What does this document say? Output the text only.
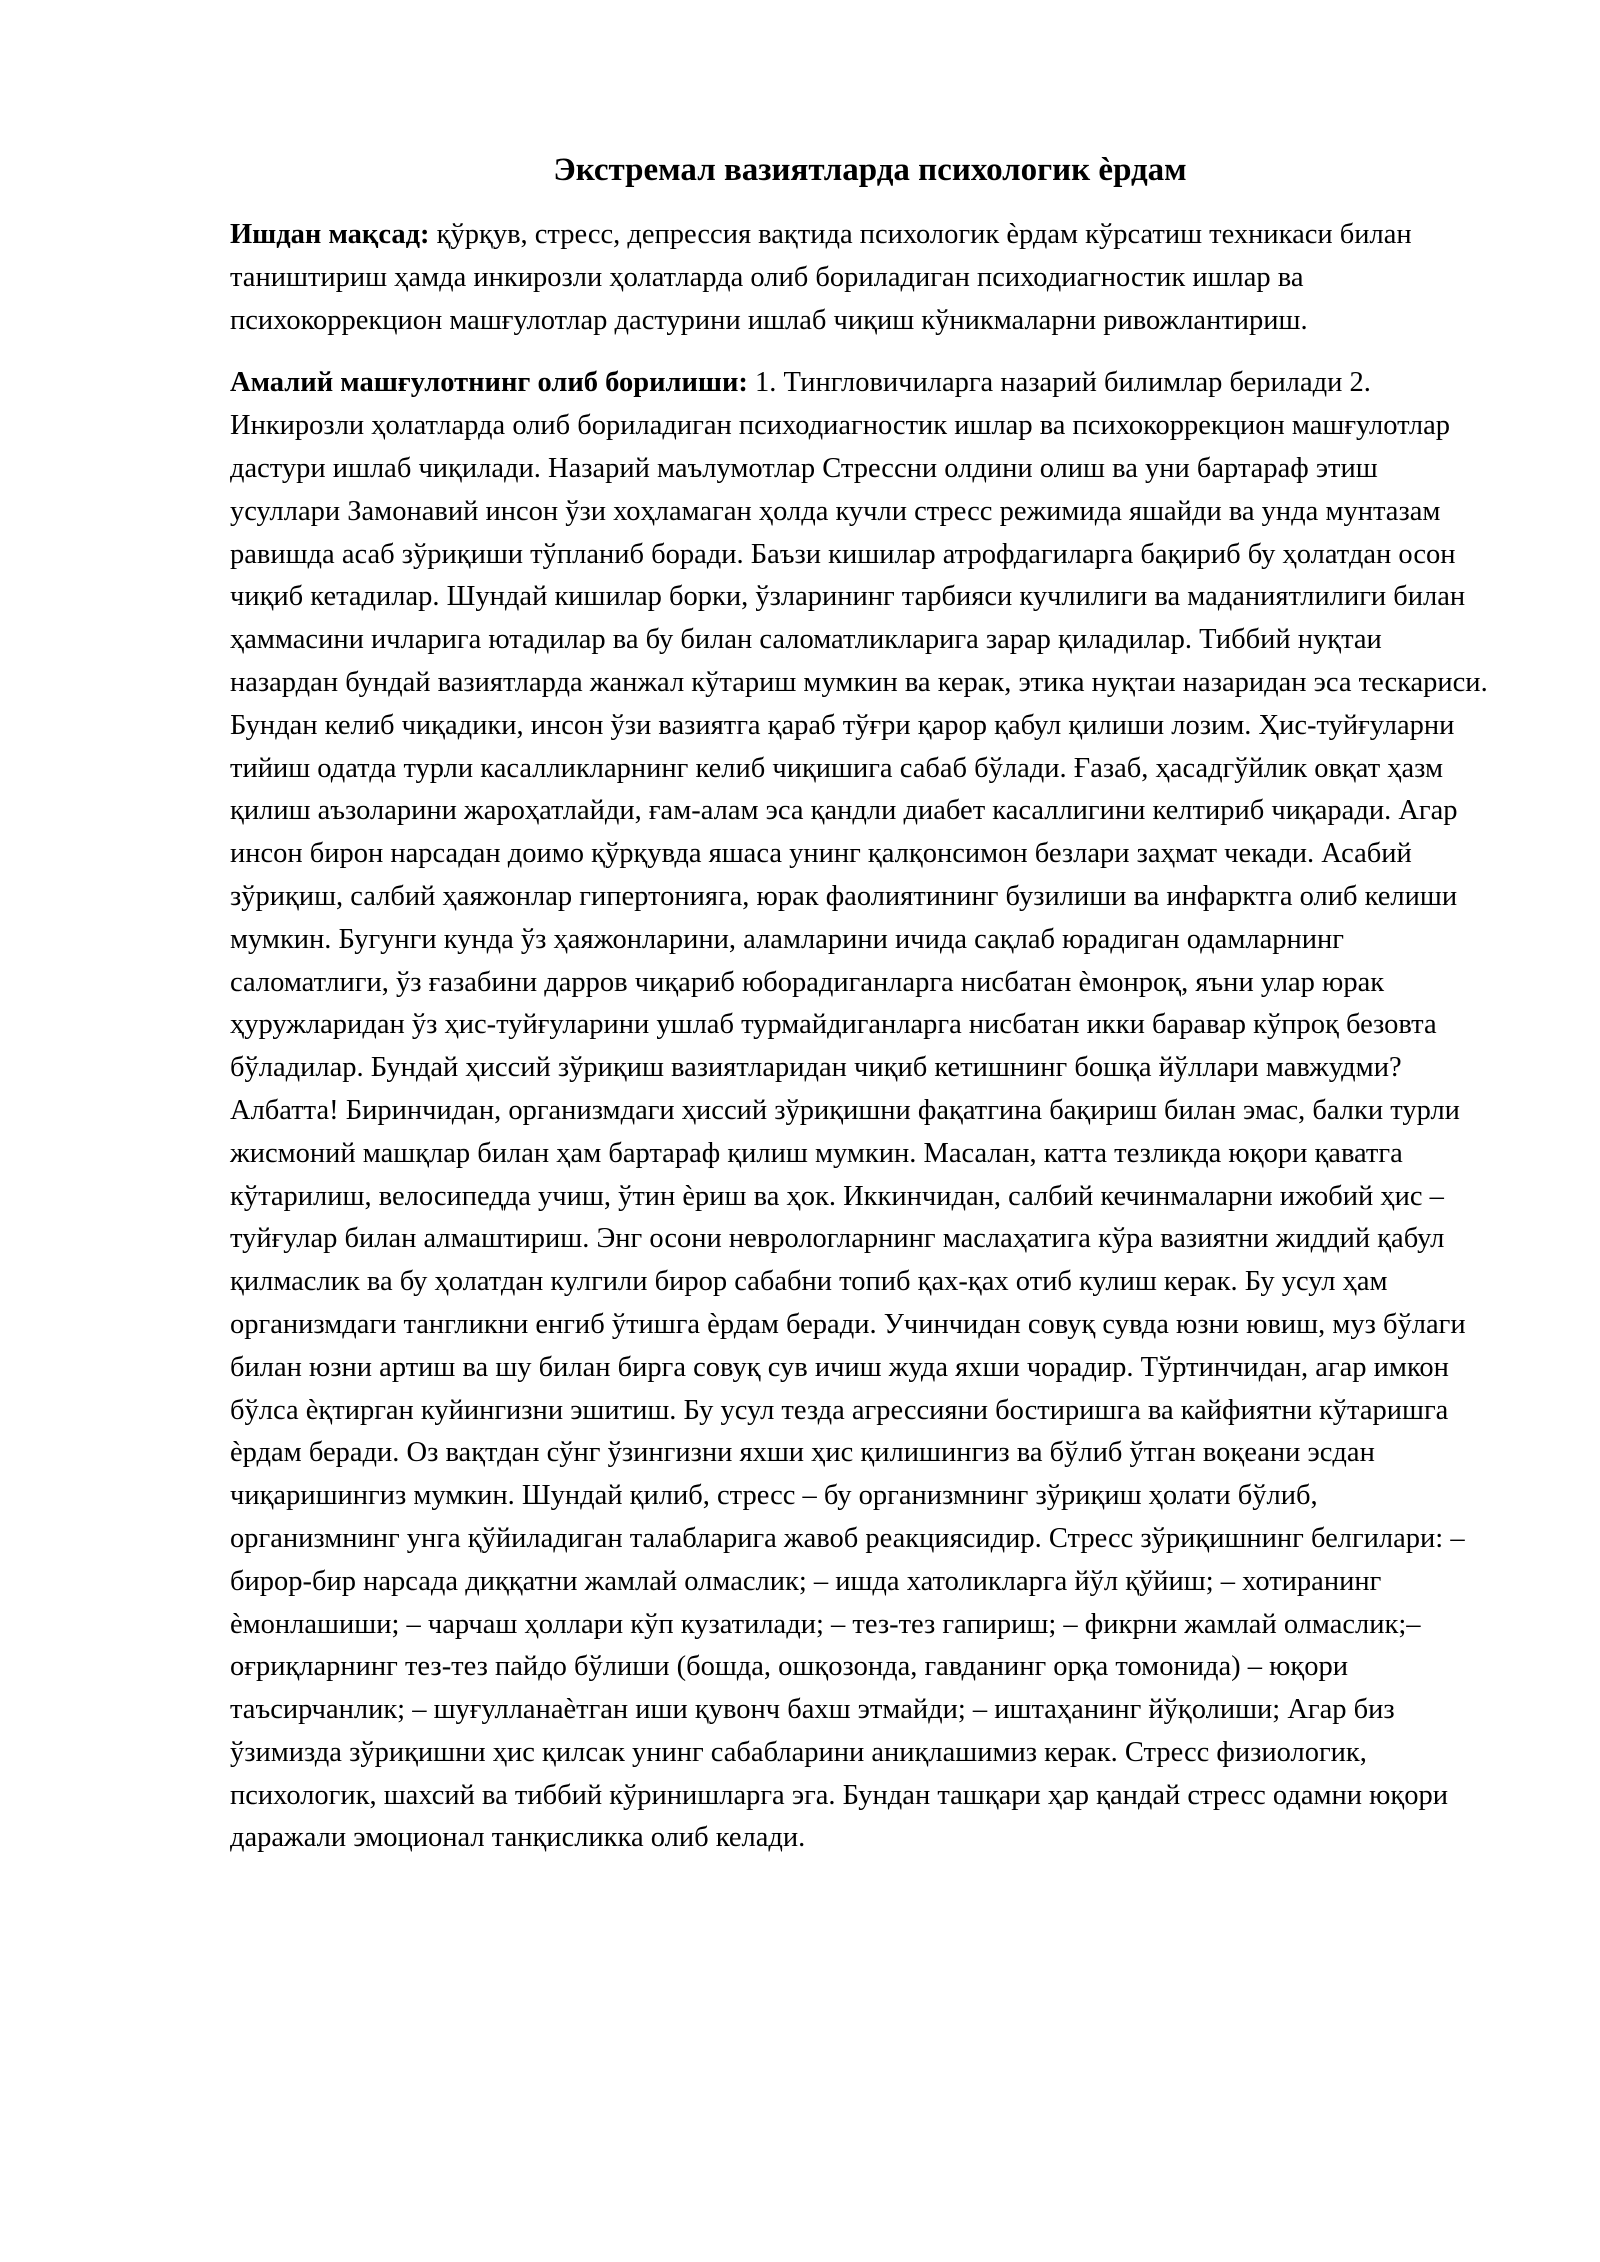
Экстремал вазиятларда психологик ѐрдам

Ишдан мақсад: қўрқув, стресс, депрессия вақтида психологик ѐрдам кўрсатиш техникаси билан таништириш ҳамда инкирозли ҳолатларда олиб бориладиган психодиагностик ишлар ва психокоррекцион машғулотлар дастурини ишлаб чиқиш кўникмаларни ривожлантириш.

Амалий машғулотнинг олиб борилиши: 1. Тингловичиларга назарий билимлар берилади 2. Инкирозли ҳолатларда олиб бориладиган психодиагностик ишлар ва психокоррекцион машғулотлар дастури ишлаб чиқилади. Назарий маълумотлар Стрессни олдини олиш ва уни бартараф этиш усуллари Замонавий инсон ўзи хоҳламаган ҳолда кучли стресс режимида яшайди ва унда мунтазам равишда асаб зўриқиши тўпланиб боради. Баъзи кишилар атрофдагиларга бақириб бу ҳолатдан осон чиқиб кетадилар. Шундай кишилар борки, ўзларининг тарбияси кучлилиги ва маданиятлилиги билан ҳаммасини ичларига ютадилар ва бу билан саломатликларига зарар қиладилар. Тиббий нуқтаи назардан бундай вазиятларда жанжал кўтариш мумкин ва керак, этика нуқтаи назаридан эса тескариси. Бундан келиб чиқадики, инсон ўзи вазиятга қараб тўғри қарор қабул қилиши лозим. Ҳис-туйғуларни тийиш одатда турли касалликларнинг келиб чиқишига сабаб бўлади. Ғазаб, ҳасадгўйлик овқат ҳазм қилиш аъзоларини жароҳатлайди, ғам-алам эса қандли диабет касаллигини келтириб чиқаради. Агар инсон бирон нарсадан доимо қўрқувда яшаса унинг қалқонсимон безлари заҳмат чекади. Асабий зўриқиш, салбий ҳаяжонлар гипертонияга, юрак фаолиятининг бузилиши ва инфарктга олиб келиши мумкин. Бугунги кунда ўз ҳаяжонларини, аламларини ичида сақлаб юрадиган одамларнинг саломатлиги, ўз ғазабини дарров чиқариб юборадиганларга нисбатан ѐмонроқ, яъни улар юрак ҳуружларидан ўз ҳис-туйғуларини ушлаб турмайдиганларга нисбатан икки баравар кўпроқ безовта бўладилар. Бундай ҳиссий зўриқиш вазиятларидан чиқиб кетишнинг бошқа йўллари мавжудми? Албатта! Биринчидан, организмдаги ҳиссий зўриқишни фақатгина бақириш билан эмас, балки турли жисмоний машқлар билан ҳам бартараф қилиш мумкин. Масалан, катта тезликда юқори қаватга кўтарилиш, велосипедда учиш, ўтин ѐриш ва ҳок. Иккинчидан, салбий кечинмаларни ижобий ҳис –туйғулар билан алмаштириш. Энг осони неврологларнинг маслаҳатига кўра вазиятни жиддий қабул қилмаслик ва бу ҳолатдан кулгили бирор сабабни топиб қах-қах отиб кулиш керак. Бу усул ҳам организмдаги тангликни енгиб ўтишга ѐрдам беради. Учинчидан совуқ сувда юзни ювиш, муз бўлаги билан юзни артиш ва шу билан бирга совуқ сув ичиш жуда яхши чорадир. Тўртинчидан, агар имкон бўлса ѐқтирган куйингизни эшитиш. Бу усул тезда агрессияни бостиришга ва кайфиятни кўтаришга ѐрдам беради. Оз вақтдан сўнг ўзингизни яхши ҳис қилишингиз ва бўлиб ўтган воқеани эсдан чиқаришингиз мумкин. Шундай қилиб, стресс – бу организмнинг зўриқиш ҳолати бўлиб, организмнинг унга қўйиладиган талабларига жавоб реакциясидир. Стресс зўриқишнинг белгилари: – бирор-бир нарсада диққатни жамлай олмаслик; – ишда хатоликларга йўл қўйиш; – хотиранинг ѐмонлашиши; – чарчаш ҳоллари кўп кузатилади; – тез-тез гапириш; – фикрни жамлай олмаслик;– оғриқларнинг тез-тез пайдо бўлиши (бошда, ошқозонда, гавданинг орқа томонида) – юқори таъсирчанлик; – шуғулланаѐтган иши қувонч бахш этмайди; – иштаҳанинг йўқолиши; Агар биз ўзимизда зўриқишни ҳис қилсак унинг сабабларини аниқлашимиз керак. Стресс физиологик, психологик, шахсий ва тиббий кўринишларга эга. Бундан ташқари ҳар қандай стресс одамни юқори даражали эмоционал танқисликка олиб келади.
